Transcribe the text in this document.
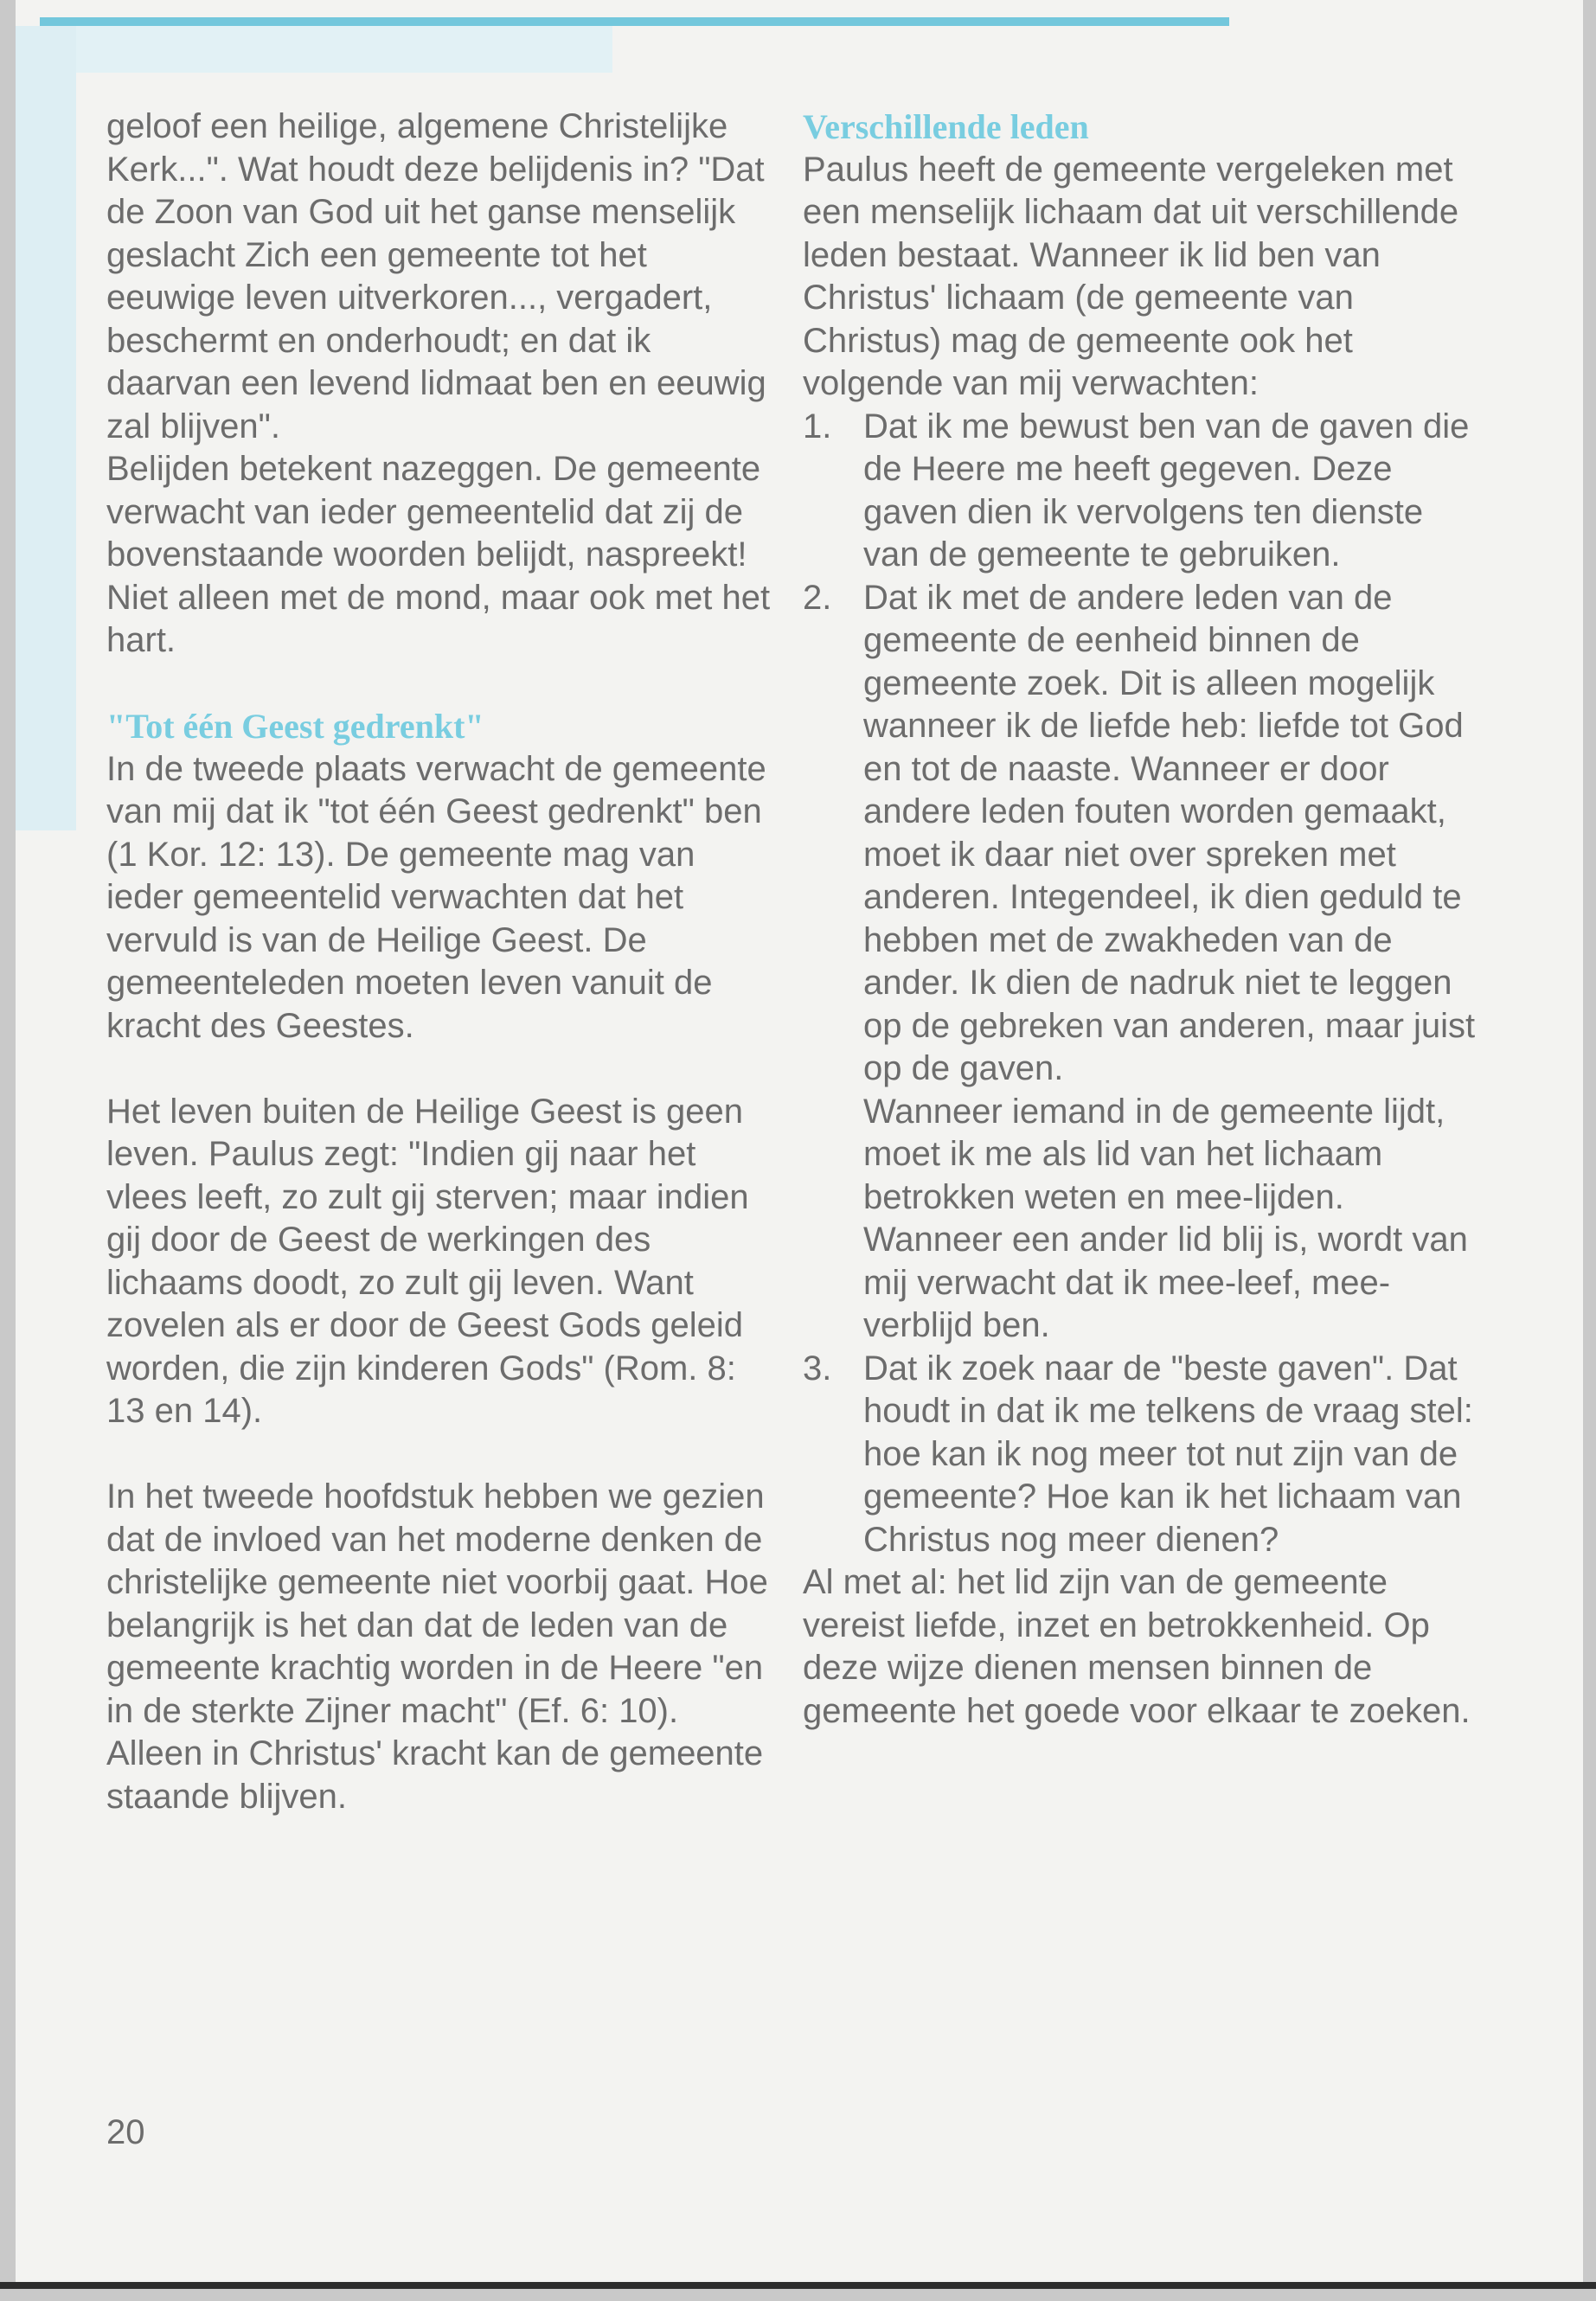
geloof een heilige, algemene Christelijke Kerk...". Wat houdt deze belijdenis in? "Dat de Zoon van God uit het ganse menselijk geslacht Zich een gemeente tot het eeuwige leven uitverkoren..., vergadert, beschermt en onderhoudt; en dat ik daarvan een levend lidmaat ben en eeuwig zal blijven".

Belijden betekent nazeggen. De gemeente verwacht van ieder gemeentelid dat zij de bovenstaande woorden belijdt, naspreekt! Niet alleen met de mond, maar ook met het hart.

"Tot één Geest gedrenkt"

In de tweede plaats verwacht de gemeente van mij dat ik "tot één Geest gedrenkt" ben (1 Kor. 12: 13). De gemeente mag van ieder gemeentelid verwachten dat het vervuld is van de Heilige Geest. De gemeenteleden moeten leven vanuit de kracht des Geestes.

Het leven buiten de Heilige Geest is geen leven. Paulus zegt: "Indien gij naar het vlees leeft, zo zult gij sterven; maar indien gij door de Geest de werkingen des lichaams doodt, zo zult gij leven. Want zovelen als er door de Geest Gods geleid worden, die zijn kinderen Gods" (Rom. 8: 13 en 14).

In het tweede hoofdstuk hebben we gezien dat de invloed van het moderne denken de christelijke gemeente niet voorbij gaat. Hoe belangrijk is het dan dat de leden van de gemeente krachtig worden in de Heere "en in de sterkte Zijner macht" (Ef. 6: 10). Alleen in Christus' kracht kan de gemeente staande blijven.

Verschillende leden

Paulus heeft de gemeente vergeleken met een menselijk lichaam dat uit verschillende leden bestaat. Wanneer ik lid ben van Christus' lichaam (de gemeente van Christus) mag de gemeente ook het volgende van mij verwachten:

1. Dat ik me bewust ben van de gaven die de Heere me heeft gegeven. Deze gaven dien ik vervolgens ten dienste van de gemeente te gebruiken.

2. Dat ik met de andere leden van de gemeente de eenheid binnen de gemeente zoek. Dit is alleen mogelijk wanneer ik de liefde heb: liefde tot God en tot de naaste. Wanneer er door andere leden fouten worden gemaakt, moet ik daar niet over spreken met anderen. Integendeel, ik dien geduld te hebben met de zwakheden van de ander. Ik dien de nadruk niet te leggen op de gebreken van anderen, maar juist op de gaven.

Wanneer iemand in de gemeente lijdt, moet ik me als lid van het lichaam betrokken weten en mee-lijden. Wanneer een ander lid blij is, wordt van mij verwacht dat ik mee-leef, mee-verblijd ben.

3. Dat ik zoek naar de "beste gaven". Dat houdt in dat ik me telkens de vraag stel: hoe kan ik nog meer tot nut zijn van de gemeente? Hoe kan ik het lichaam van Christus nog meer dienen?

Al met al: het lid zijn van de gemeente vereist liefde, inzet en betrokkenheid. Op deze wijze dienen mensen binnen de gemeente het goede voor elkaar te zoeken.

20
